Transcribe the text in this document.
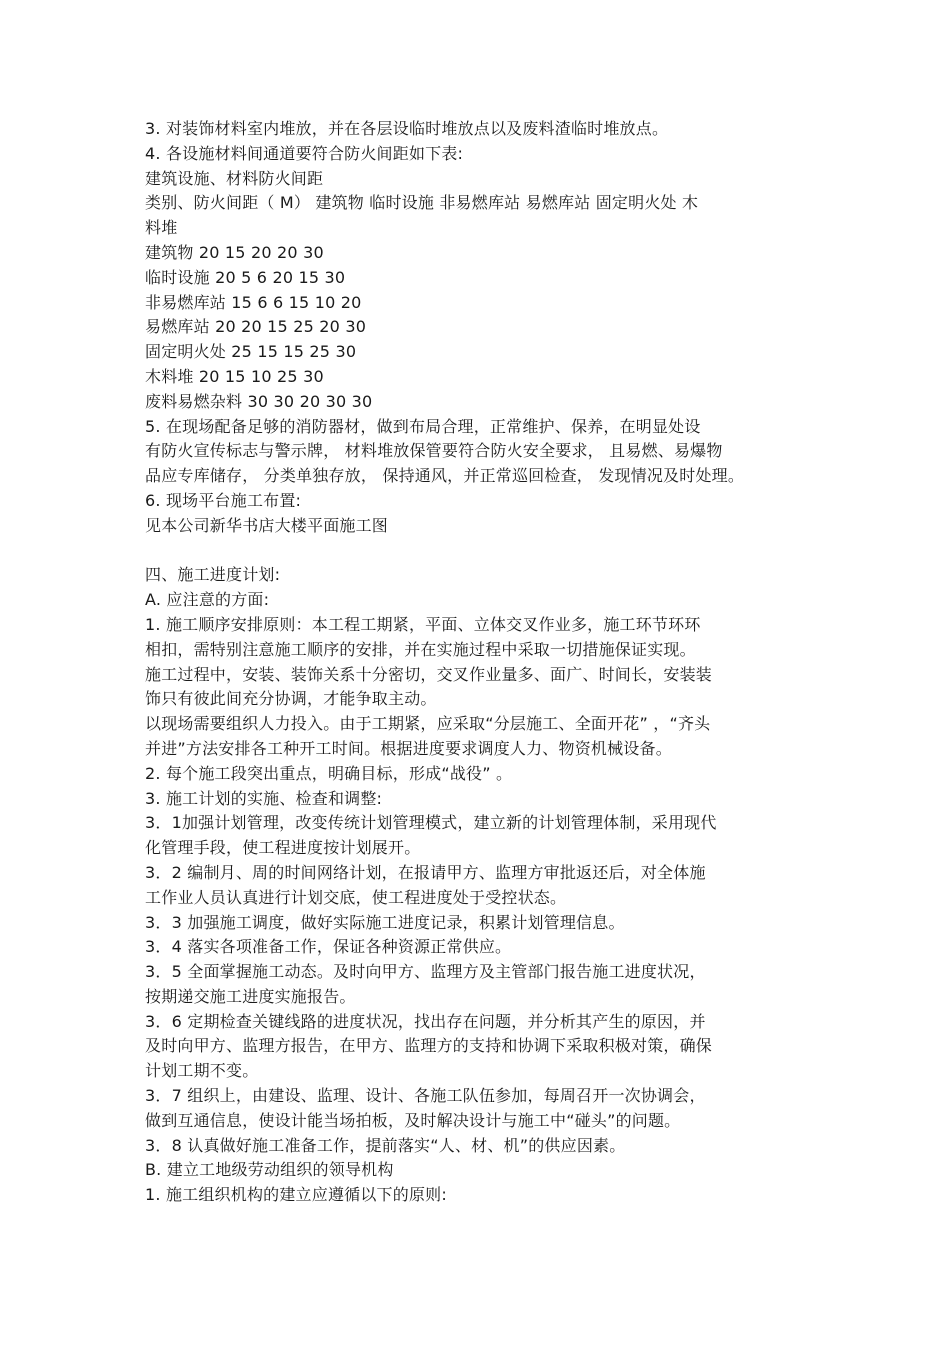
3. 对装饰材料室内堆放，并在各层设临时堆放点以及废料渣临时堆放点。
4. 各设施材料间通道要符合防火间距如下表:
建筑设施、材料防火间距
类别、防火间距（ M） 建筑物 临时设施 非易燃库站 易燃库站 固定明火处 木
料堆
建筑物 20 15 20 20 30
临时设施 20 5 6 20 15 30
非易燃库站 15 6 6 15 10 20
易燃库站 20 20 15 25 20 30
固定明火处 25 15 15 25 30
木料堆 20 15 10 25 30
废料易燃杂料 30 30 20 30 30
5. 在现场配备足够的消防器材，做到布局合理，正常维护、保养，在明显处设
有防火宣传标志与警示牌， 材料堆放保管要符合防火安全要求， 且易燃、易爆物
品应专库储存， 分类单独存放， 保持通风，并正常巡回检查， 发现情况及时处理。
6. 现场平台施工布置:
见本公司新华书店大楼平面施工图
四、施工进度计划:
A. 应注意的方面:
1. 施工顺序安排原则：本工程工期紧，平面、立体交叉作业多，施工环节环环
相扣，需特别注意施工顺序的安排，并在实施过程中采取一切措施保证实现。
施工过程中，安装、装饰关系十分密切，交叉作业量多、面广、时间长，安装装
饰只有彼此间充分协调，才能争取主动。
以现场需要组织人力投入。由于工期紧，应采取“分层施工、全面开花” ，“齐头
并进”方法安排各工种开工时间。根据进度要求调度人力、物资机械设备。
2. 每个施工段突出重点，明确目标，形成“战役” 。
3. 施工计划的实施、检查和调整:
3．1加强计划管理，改变传统计划管理模式，建立新的计划管理体制，采用现代
化管理手段，使工程进度按计划展开。
3．2 编制月、周的时间网络计划，在报请甲方、监理方审批返还后，对全体施
工作业人员认真进行计划交底，使工程进度处于受控状态。
3．3 加强施工调度，做好实际施工进度记录，积累计划管理信息。
3．4 落实各项准备工作，保证各种资源正常供应。
3．5 全面掌握施工动态。及时向甲方、监理方及主管部门报告施工进度状况，
按期递交施工进度实施报告。
3．6 定期检查关键线路的进度状况，找出存在问题，并分析其产生的原因，并
及时向甲方、监理方报告，在甲方、监理方的支持和协调下采取积极对策，确保
计划工期不变。
3．7 组织上，由建设、监理、设计、各施工队伍参加，每周召开一次协调会，
做到互通信息，使设计能当场拍板，及时解决设计与施工中“碰头”的问题。
3．8 认真做好施工准备工作，提前落实“人、材、机”的供应因素。
B. 建立工地级劳动组织的领导机构
1. 施工组织机构的建立应遵循以下的原则:
